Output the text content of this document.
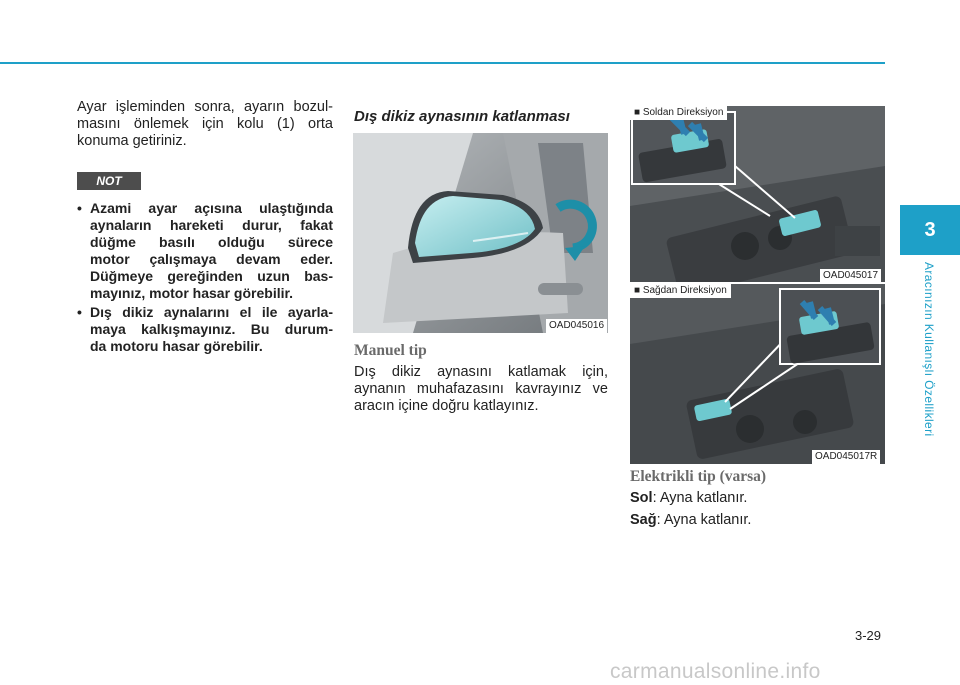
3
Aracınızın Kullanışlı Özellikleri
Ayar işleminden sonra, ayarın bozul-
masını önlemek için kolu (1) orta
konuma getiriniz.
NOT
• Azami ayar açısına ulaştığında
aynaların hareketi durur, fakat
düğme basılı olduğu sürece
motor çalışmaya devam eder.
Düğmeye gereğinden uzun bas-
mayınız, motor hasar görebilir.
• Dış dikiz aynalarını el ile ayarla-
maya kalkışmayınız. Bu durum-
da motoru hasar görebilir.
Dış dikiz aynasının katlanması
OAD045016
Manuel tip
Dış dikiz aynasını katlamak için,
aynanın muhafazasını kavrayınız ve
aracın içine doğru katlayınız.
■ Soldan Direksiyon
OAD045017
■ Sağdan Direksiyon
OAD045017R
Elektrikli tip (varsa)
Sol: Ayna katlanır.
Sağ: Ayna katlanır.
3-29
carmanualsonline.info
